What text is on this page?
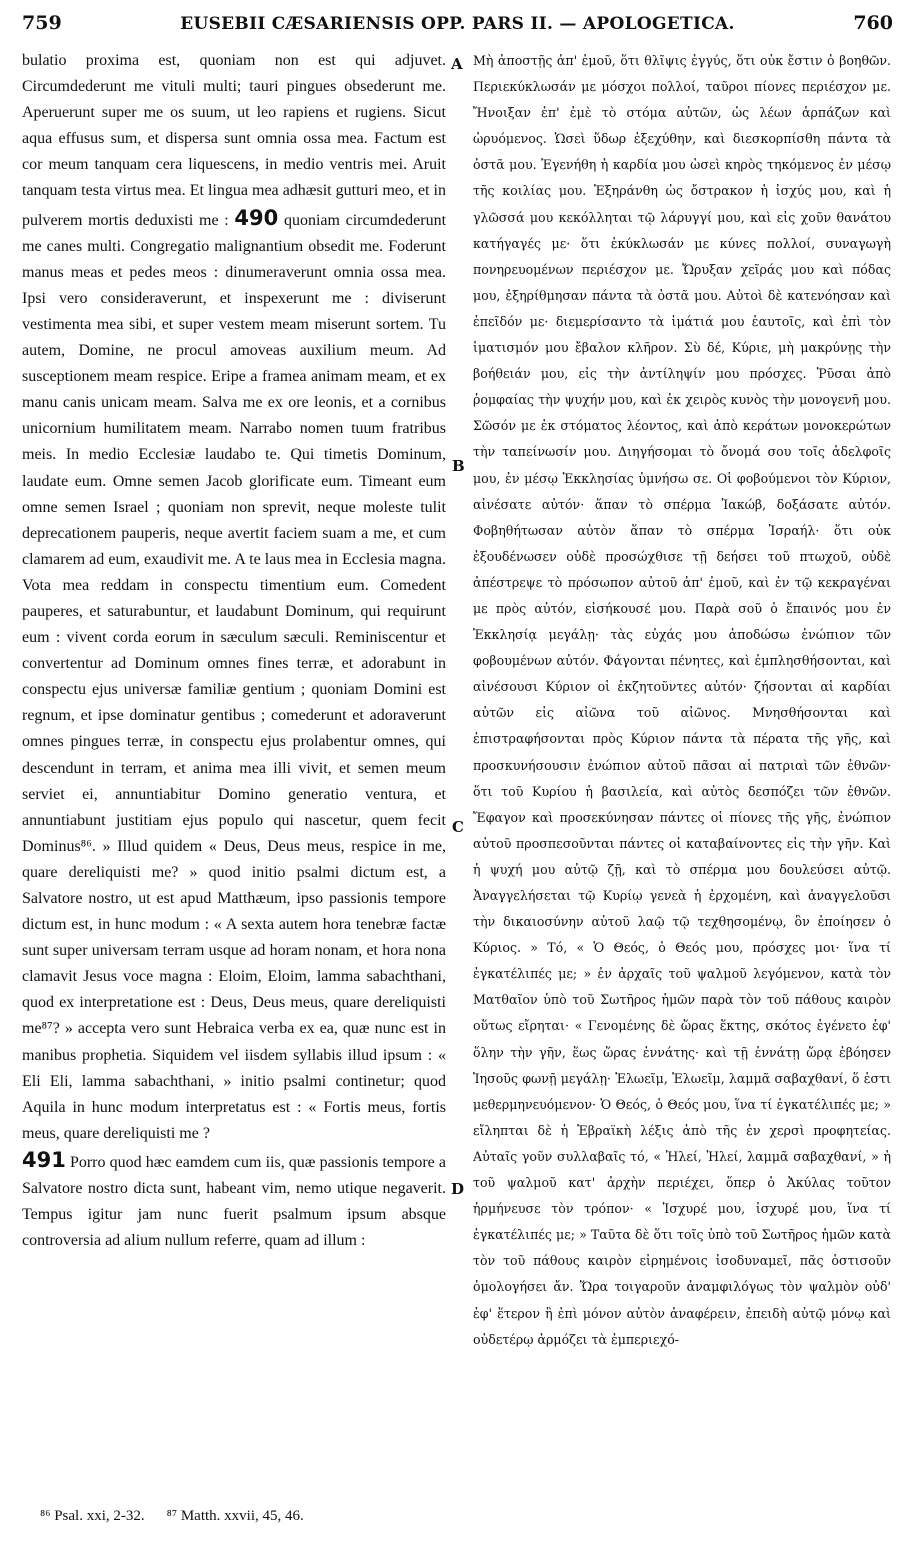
759	EUSEBII CÆSARIENSIS OPP. PARS II. — APOLOGETICA.	760

bulatio proxima est, quoniam non est qui adjuvet. Circumdederunt me vituli multi; tauri pingues obsederunt me. Aperuerunt super me os suum, ut leo rapiens et rugiens. Sicut aqua effusus sum, et dispersa sunt omnia ossa mea. Factum est cor meum tanquam cera liquescens, in medio ventris mei. Aruit tanquam testa virtus mea. Et lingua mea adhæsit gutturi meo, et in pulverem mortis deduxisti me : 490 quoniam circumdederunt me canes multi. Congregatio malignantium obsedit me. Foderunt manus meas et pedes meos : dinumeraverunt omnia ossa mea. Ipsi vero consideraverunt, et inspexerunt me : diviserunt vestimenta mea sibi, et super vestem meam miserunt sortem. Tu autem, Domine, ne procul amoveas auxilium meum. Ad susceptionem meam respice. Eripe a framea animam meam, et ex manu canis unicam meam. Salva me ex ore leonis, et a cornibus unicornium humilitatem meam. Narrabo nomen tuum fratribus meis. In medio Ecclesiæ laudabo te. Qui timetis Dominum, laudate eum. Omne semen Jacob glorificate eum. Timeant eum omne semen Israel ; quoniam non sprevit, neque moleste tulit deprecationem pauperis, neque avertit faciem suam a me, et cum clamarem ad eum, exaudivit me. A te laus mea in Ecclesia magna. Vota mea reddam in conspectu timentium eum. Comedent pauperes, et saturabuntur, et laudabunt Dominum, qui requirunt eum : vivent corda eorum in sæculum sæculi. Reminiscentur et convertentur ad Dominum omnes fines terræ, et adorabunt in conspectu ejus universæ familiæ gentium ; quoniam Domini est regnum, et ipse dominatur gentibus ; comederunt et adoraverunt omnes pingues terræ, in conspectu ejus prolabentur omnes, qui descendunt in terram, et anima mea illi vivit, et semen meum serviet ei, annuntiabitur Domino generatio ventura, et annuntiabunt justitiam ejus populo qui nascetur, quem fecit Dominus⁸⁶. » Illud quidem « Deus, Deus meus, respice in me, quare dereliquisti me? » quod initio psalmi dictum est, a Salvatore nostro, ut est apud Matthæum, ipso passionis tempore dictum est, in hunc modum : « A sexta autem hora tenebræ factæ sunt super universam terram usque ad horam nonam, et hora nona clamavit Jesus voce magna : Eloim, Eloim, lamma sabachthani, quod ex interpretatione est : Deus, Deus meus, quare dereliquisti me⁸⁷? » accepta vero sunt Hebraica verba ex ea, quæ nunc est in manibus prophetia. Siquidem vel iisdem syllabis illud ipsum : « Eli Eli, lamma sabachthani, » initio psalmi continetur; quod Aquila in hunc modum interpretatus est : « Fortis meus, fortis meus, quare dereliquisti me ?
491 Porro quod hæc eamdem cum iis, quæ passionis tempore a Salvatore nostro dicta sunt, habeant vim, nemo utique negaverit. Tempus igitur jam nunc fuerit psalmum ipsum absque controversia ad alium nullum referre, quam ad illum :

A
B
C
D

Μὴ ἀποστῇς ἀπ' ἐμοῦ, ὅτι θλῖψις ἐγγύς, ὅτι οὐκ ἔστιν ὁ βοηθῶν. Περιεκύκλωσάν με μόσχοι πολλοί, ταῦροι πίονες περιέσχον με. Ἤνοιξαν ἐπ' ἐμὲ τὸ στόμα αὐτῶν, ὡς λέων ἁρπάζων καὶ ὠρυόμενος. Ὡσεὶ ὕδωρ ἐξεχύθην, καὶ διεσκορπίσθη πάντα τὰ ὀστᾶ μου. Ἐγενήθη ἡ καρδία μου ὡσεὶ κηρὸς τηκόμενος ἐν μέσῳ τῆς κοιλίας μου. Ἐξηράνθη ὡς ὄστρακον ἡ ἰσχύς μου, καὶ ἡ γλῶσσά μου κεκόλληται τῷ λάρυγγί μου, καὶ εἰς χοῦν θανάτου κατήγαγές με· ὅτι ἐκύκλωσάν με κύνες πολλοί, συναγωγὴ πονηρευομένων περιέσχον με. Ὤρυξαν χεῖράς μου καὶ πόδας μου, ἐξηρίθμησαν πάντα τὰ ὀστᾶ μου. Αὐτοὶ δὲ κατενόησαν καὶ ἐπεῖδόν με· διεμερίσαντο τὰ ἱμάτιά μου ἑαυτοῖς, καὶ ἐπὶ τὸν ἱματισμόν μου ἔβαλον κλῆρον. Σὺ δέ, Κύριε, μὴ μακρύνῃς τὴν βοήθειάν μου, εἰς τὴν ἀντίληψίν μου πρόσχες. Ῥῦσαι ἀπὸ ῥομφαίας τὴν ψυχήν μου, καὶ ἐκ χειρὸς κυνὸς τὴν μονογενῆ μου. Σῶσόν με ἐκ στόματος λέοντος, καὶ ἀπὸ κεράτων μονοκερώτων τὴν ταπείνωσίν μου. Διηγήσομαι τὸ ὄνομά σου τοῖς ἀδελφοῖς μου, ἐν μέσῳ Ἐκκλησίας ὑμνήσω σε. Οἱ φοβούμενοι τὸν Κύριον, αἰνέσατε αὐτόν· ἅπαν τὸ σπέρμα Ἰακώβ, δοξάσατε αὐτόν. Φοβηθήτωσαν αὐτὸν ἅπαν τὸ σπέρμα Ἰσραήλ· ὅτι οὐκ ἐξουδένωσεν οὐδὲ προσώχθισε τῇ δεήσει τοῦ πτωχοῦ, οὐδὲ ἀπέστρεψε τὸ πρόσωπον αὐτοῦ ἀπ' ἐμοῦ, καὶ ἐν τῷ κεκραγέναι με πρὸς αὐτόν, εἰσήκουσέ μου. Παρὰ σοῦ ὁ ἔπαινός μου ἐν Ἐκκλησίᾳ μεγάλῃ· τὰς εὐχάς μου ἀποδώσω ἐνώπιον τῶν φοβουμένων αὐτόν. Φάγονται πένητες, καὶ ἐμπλησθήσονται, καὶ αἰνέσουσι Κύριον οἱ ἐκζητοῦντες αὐτόν· ζήσονται αἱ καρδίαι αὐτῶν εἰς αἰῶνα τοῦ αἰῶνος. Μνησθήσονται καὶ ἐπιστραφήσονται πρὸς Κύριον πάντα τὰ πέρατα τῆς γῆς, καὶ προσκυνήσουσιν ἐνώπιον αὐτοῦ πᾶσαι αἱ πατριαὶ τῶν ἐθνῶν· ὅτι τοῦ Κυρίου ἡ βασιλεία, καὶ αὐτὸς δεσπόζει τῶν ἐθνῶν. Ἔφαγον καὶ προσεκύνησαν πάντες οἱ πίονες τῆς γῆς, ἐνώπιον αὐτοῦ προσπεσοῦνται πάντες οἱ καταβαίνοντες εἰς τὴν γῆν. Καὶ ἡ ψυχή μου αὐτῷ ζῇ, καὶ τὸ σπέρμα μου δουλεύσει αὐτῷ. Ἀναγγελήσεται τῷ Κυρίῳ γενεὰ ἡ ἐρχομένη, καὶ ἀναγγελοῦσι τὴν δικαιοσύνην αὐτοῦ λαῷ τῷ τεχθησομένῳ, ὃν ἐποίησεν ὁ Κύριος. » Τό, « Ὁ Θεός, ὁ Θεός μου, πρόσχες μοι· ἵνα τί ἐγκατέλιπές με; » ἐν ἀρχαῖς τοῦ ψαλμοῦ λεγόμενον, κατὰ τὸν Ματθαῖον ὑπὸ τοῦ Σωτῆρος ἡμῶν παρὰ τὸν τοῦ πάθους καιρὸν οὕτως εἴρηται· « Γενομένης δὲ ὥρας ἕκτης, σκότος ἐγένετο ἐφ' ὅλην τὴν γῆν, ἕως ὥρας ἐννάτης· καὶ τῇ ἐννάτῃ ὥρᾳ ἐβόησεν Ἰησοῦς φωνῇ μεγάλῃ· Ἐλωεῖμ, Ἐλωεῖμ, λαμμᾶ σαβαχθανί, ὅ ἐστι μεθερμηνευόμενον· Ὁ Θεός, ὁ Θεός μου, ἵνα τί ἐγκατέλιπές με; » εἴληπται δὲ ἡ Ἑβραϊκὴ λέξις ἀπὸ τῆς ἐν χερσὶ προφητείας. Αὐταῖς γοῦν συλλαβαῖς τό, « Ἠλεί, Ἠλεί, λαμμᾶ σαβαχθανί, » ἡ τοῦ ψαλμοῦ κατ' ἀρχὴν περιέχει, ὅπερ ὁ Ἀκύλας τοῦτον ἡρμήνευσε τὸν τρόπον· « Ἰσχυρέ μου, ἰσχυρέ μου, ἵνα τί ἐγκατέλιπές με; » Ταῦτα δὲ ὅτι τοῖς ὑπὸ τοῦ Σωτῆρος ἡμῶν κατὰ τὸν τοῦ πάθους καιρὸν εἰρημένοις ἰσοδυναμεῖ, πᾶς ὁστισοῦν ὁμολογήσει ἄν. Ὥρα τοιγαροῦν ἀναμφιλόγως τὸν ψαλμὸν οὐδ' ἐφ' ἕτερον ἢ ἐπὶ μόνον αὐτὸν ἀναφέρειν, ἐπειδὴ αὐτῷ μόνῳ καὶ οὐδετέρῳ ἁρμόζει τὰ ἐμπεριεχό-

⁸⁶ Psal. xxi, 2-32. ⁸⁷ Matth. xxvii, 45, 46.
